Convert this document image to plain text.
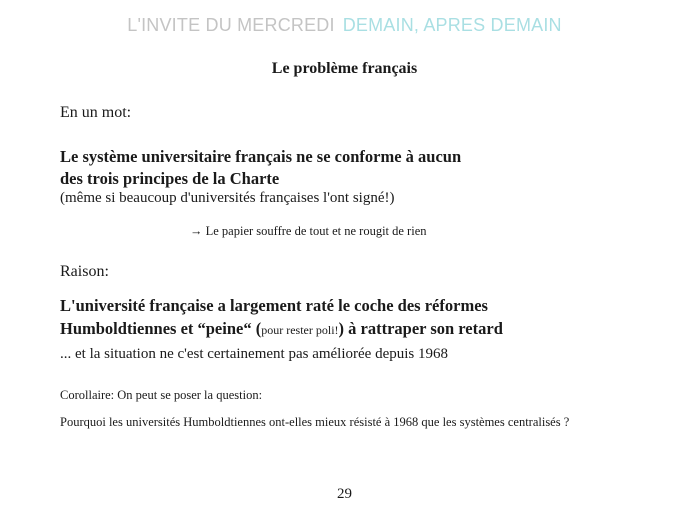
L'INVITE DU MERCREDI DEMAIN, APRES DEMAIN
Le problème français
En un mot:
Le système universitaire français ne se conforme à aucun
des trois principes de la Charte
(même si beaucoup d'universités françaises l'ont signé!)
→ Le papier souffre de tout et ne rougit de rien
Raison:
L'université française a largement raté le coche des réformes
Humboldtiennes et “peine“ (pour rester poli!) à rattraper son retard
... et la situation ne c'est certainement pas améliorée depuis 1968
Corollaire: On peut se poser la question:
Pourquoi les universités Humboldtiennes ont-elles mieux résisté à 1968 que les systèmes centralisés ?
29
